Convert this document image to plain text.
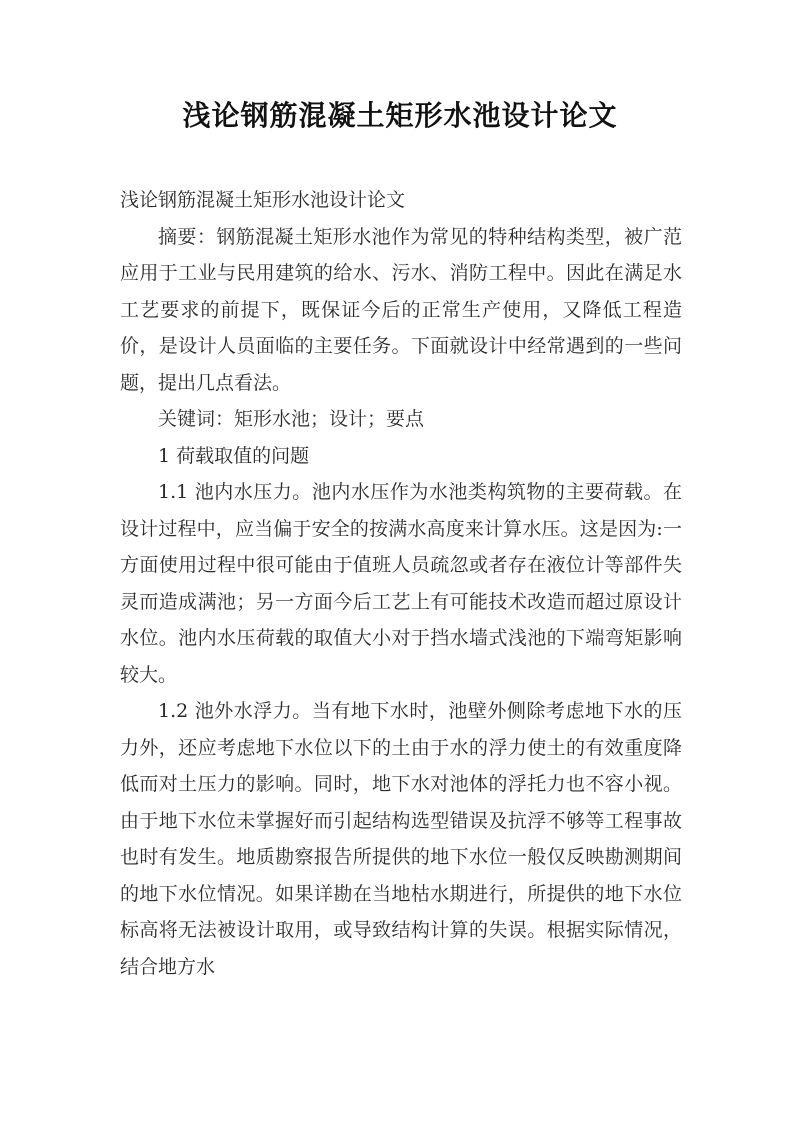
浅论钢筋混凝土矩形水池设计论文

浅论钢筋混凝土矩形水池设计论文

摘要：钢筋混凝土矩形水池作为常见的特种结构类型，被广范应用于工业与民用建筑的给水、污水、消防工程中。因此在满足水工艺要求的前提下，既保证今后的正常生产使用，又降低工程造价，是设计人员面临的主要任务。下面就设计中经常遇到的一些问题，提出几点看法。

关键词：矩形水池；设计；要点

1 荷载取值的问题

1.1 池内水压力。池内水压作为水池类构筑物的主要荷载。在设计过程中，应当偏于安全的按满水高度来计算水压。这是因为:一方面使用过程中很可能由于值班人员疏忽或者存在液位计等部件失灵而造成满池；另一方面今后工艺上有可能技术改造而超过原设计水位。池内水压荷载的取值大小对于挡水墙式浅池的下端弯矩影响较大。

1.2 池外水浮力。当有地下水时，池壁外侧除考虑地下水的压力外，还应考虑地下水位以下的土由于水的浮力使土的有效重度降低而对土压力的影响。同时，地下水对池体的浮托力也不容小视。由于地下水位未掌握好而引起结构选型错误及抗浮不够等工程事故也时有发生。地质勘察报告所提供的地下水位一般仅反映勘测期间的地下水位情况。如果详勘在当地枯水期进行，所提供的地下水位标高将无法被设计取用，或导致结构计算的失误。根据实际情况，结合地方水
